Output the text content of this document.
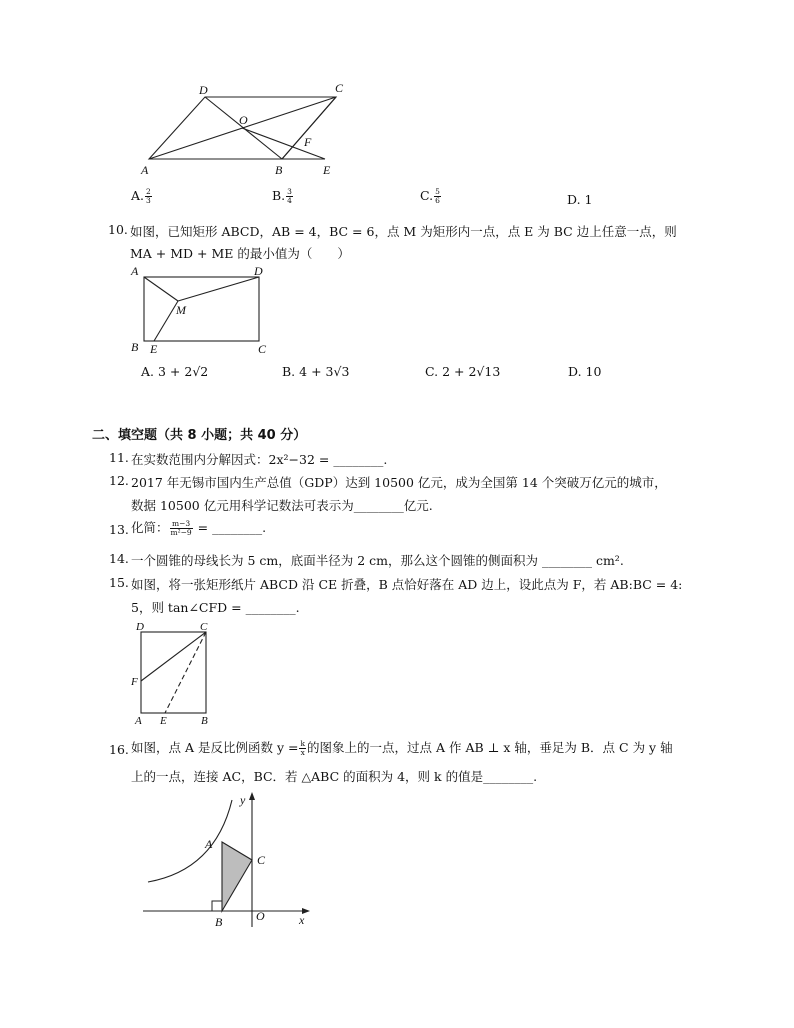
D	C
O
F
A	B	E
A. $\frac{2}{3}$	B. $\frac{3}{4}$	C. $\frac{5}{6}$	D. 1
10. 如图，已知矩形 ABCD，AB = 4，BC = 6，点 M 为矩形内一点，点 E 为 BC 边上任意一点，则
MA + MD + ME 的最小值为（　　）
A	D
M
B E	C
A. 3 + 2√2	B. 4 + 3√3	C. 2 + 2√13	D. 10
二、填空题（共 8 小题；共 40 分）
11. 在实数范围内分解因式：2x²−32 = ________.
12. 2017 年无锡市国内生产总值（GDP）达到 10500 亿元，成为全国第 14 个突破万亿元的城市，
数据 10500 亿元用科学记数法可表示为________亿元.
13. 化简： $\frac{m-3}{\text{m²−9}}$ = ________.
14. 一个圆锥的母线长为 5 cm，底面半径为 2 cm，那么这个圆锥的侧面积为 ________ cm².
15. 如图，将一张矩形纸片 ABCD 沿 CE 折叠，B 点恰好落在 AD 边上，设此点为 F，若 AB:BC = 4:
5，则 tan∠CFD = ________.
D	C
F
A E	B
16. 如图，点 A 是反比例函数 $y = \frac{k}{x}$ 的图象上的一点，过点 A 作 AB ⊥ x 轴，垂足为 B．点 C 为 y 轴
上的一点，连接 AC，BC．若 △ABC 的面积为 4，则 k 的值是________.
y
A
C
B	O	x
